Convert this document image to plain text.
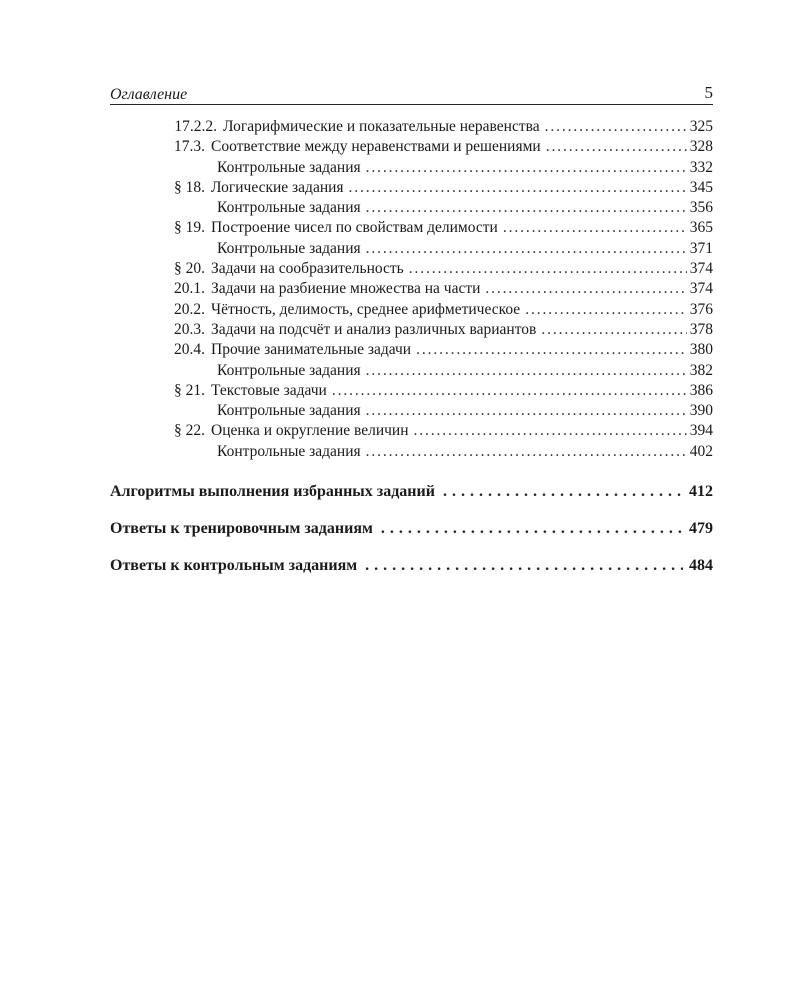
Оглавление	5
17.2.2. Логарифмические и показательные неравенства . . .	325
17.3. Соответствие между неравенствами и решениями . . .	328
Контрольные задания . . .	332
§ 18. Логические задания . . .	345
Контрольные задания . . .	356
§ 19. Построение чисел по свойствам делимости . . .	365
Контрольные задания . . .	371
§ 20. Задачи на сообразительность . . .	374
20.1. Задачи на разбиение множества на части . . .	374
20.2. Чётность, делимость, среднее арифметическое . . .	376
20.3. Задачи на подсчёт и анализ различных вариантов . . .	378
20.4. Прочие занимательные задачи . . .	380
Контрольные задания . . .	382
§ 21. Текстовые задачи . . .	386
Контрольные задания . . .	390
§ 22. Оценка и округление величин . . .	394
Контрольные задания . . .	402
Алгоритмы выполнения избранных заданий . . .	412
Ответы к тренировочным заданиям . . .	479
Ответы к контрольным заданиям . . .	484
